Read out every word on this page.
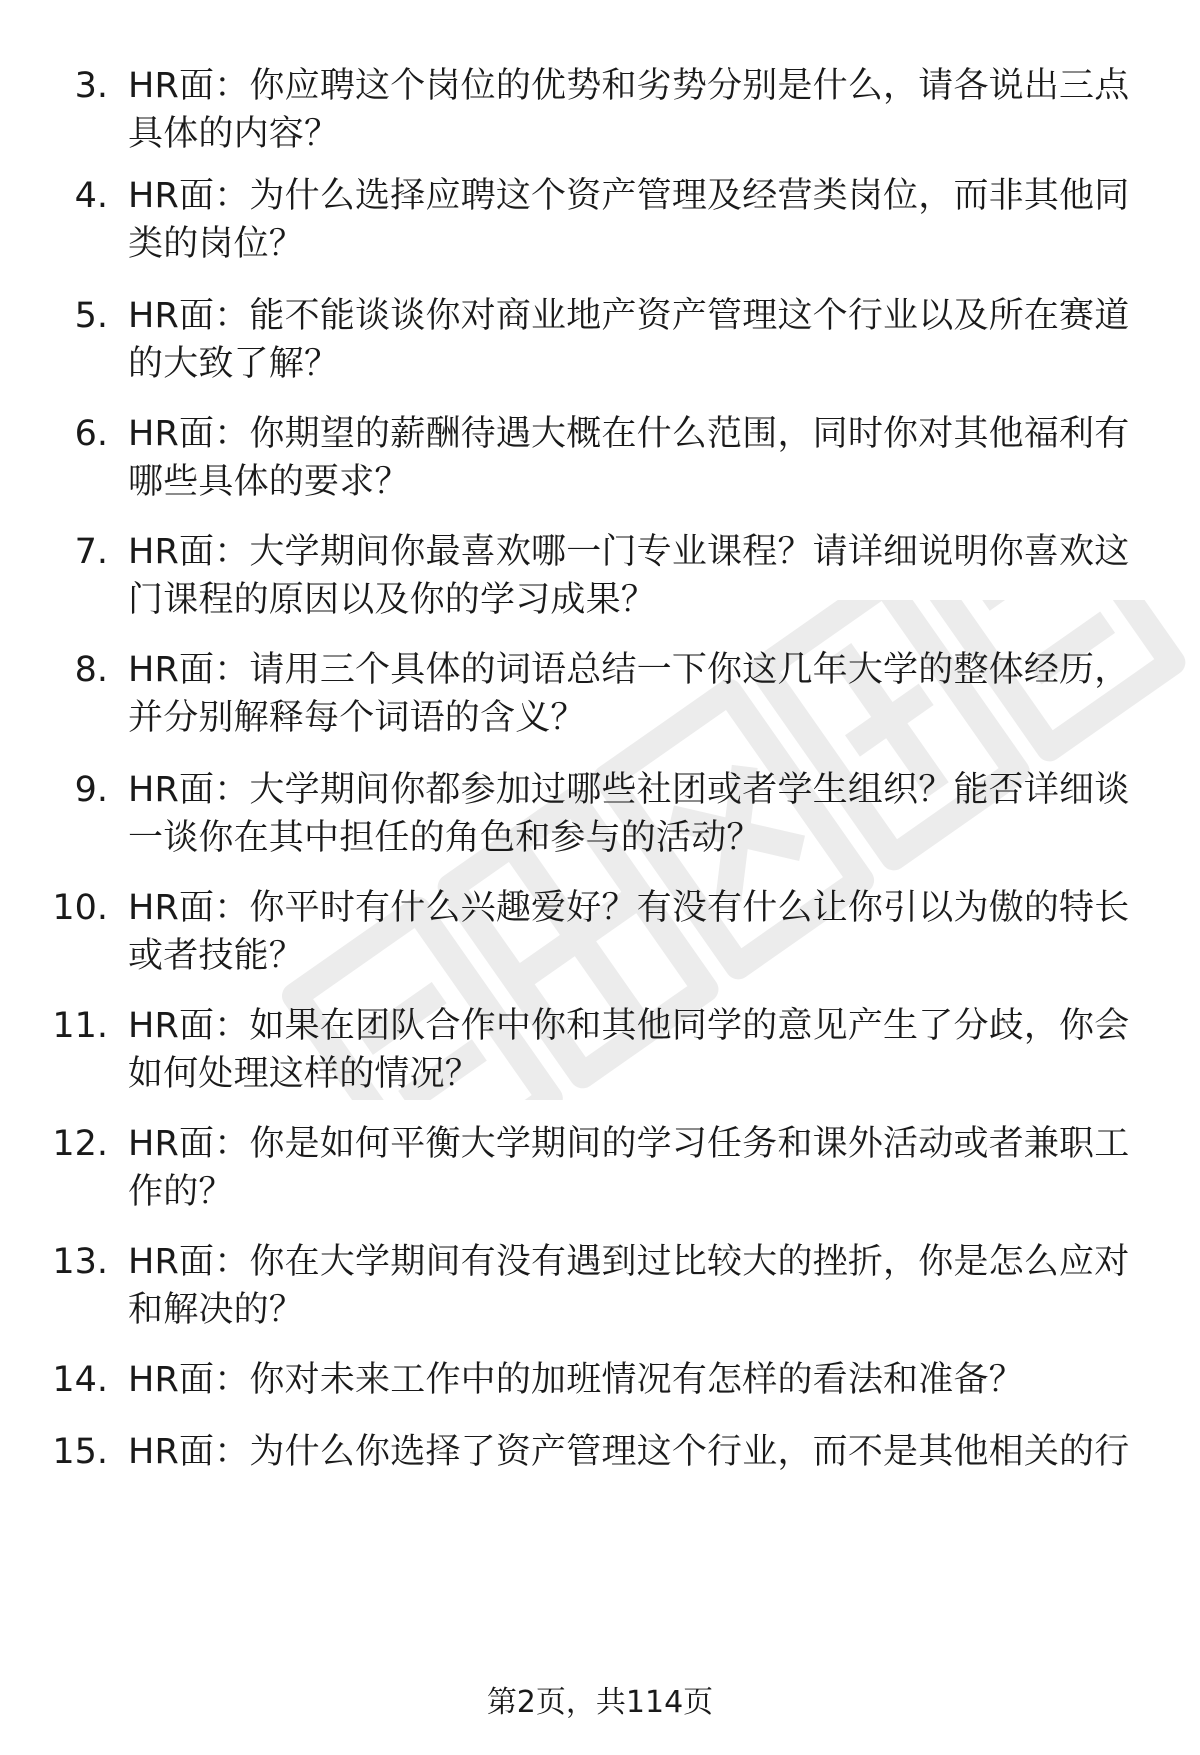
3. HR面：你应聘这个岗位的优势和劣势分别是什么，请各说出三点
具体的内容？
4. HR面：为什么选择应聘这个资产管理及经营类岗位，而非其他同
类的岗位？
5. HR面：能不能谈谈你对商业地产资产管理这个行业以及所在赛道
的大致了解？
6. HR面：你期望的薪酬待遇大概在什么范围，同时你对其他福利有
哪些具体的要求？
7. HR面：大学期间你最喜欢哪一门专业课程？请详细说明你喜欢这
门课程的原因以及你的学习成果？
8. HR面：请用三个具体的词语总结一下你这几年大学的整体经历，
并分别解释每个词语的含义？
9. HR面：大学期间你都参加过哪些社团或者学生组织？能否详细谈
一谈你在其中担任的角色和参与的活动？
10. HR面：你平时有什么兴趣爱好？有没有什么让你引以为傲的特长
或者技能？
11. HR面：如果在团队合作中你和其他同学的意见产生了分歧，你会
如何处理这样的情况？
12. HR面：你是如何平衡大学期间的学习任务和课外活动或者兼职工
作的？
13. HR面：你在大学期间有没有遇到过比较大的挫折，你是怎么应对
和解决的？
14. HR面：你对未来工作中的加班情况有怎样的看法和准备？
15. HR面：为什么你选择了资产管理这个行业，而不是其他相关的行
第2页，共114页
